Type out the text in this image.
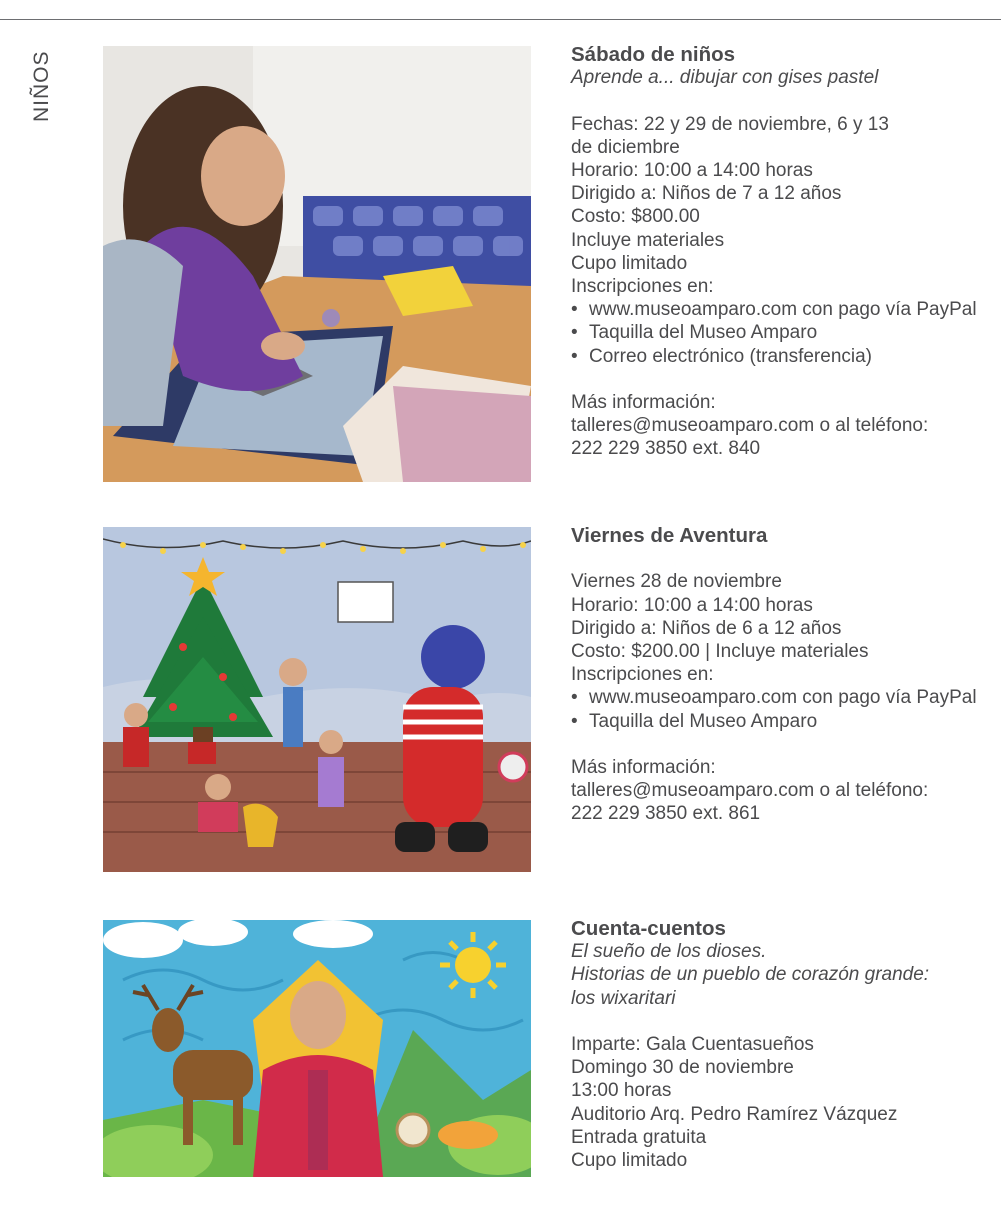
NIÑOS	Sábado de niños
Aprende a... dibujar con gises pastel
Fechas: 22 y 29 de noviembre, 6 y 13
de diciembre
Horario: 10:00 a 14:00 horas
Dirigido a: Niños de 7 a 12 años
Costo: $800.00
Incluye materiales
Cupo limitado
Inscripciones en:
• www.museoamparo.com con pago vía PayPal
• Taquilla del Museo Amparo
• Correo electrónico (transferencia)
Más información:
talleres@museoamparo.com o al teléfono:
222 229 3850 ext. 840
Viernes de Aventura
Viernes 28 de noviembre
Horario: 10:00 a 14:00 horas
Dirigido a: Niños de 6 a 12 años
Costo: $200.00 | Incluye materiales
Inscripciones en:
• www.museoamparo.com con pago vía PayPal
• Taquilla del Museo Amparo
Más información:
talleres@museoamparo.com o al teléfono:
222 229 3850 ext. 861
Cuenta-cuentos
El sueño de los dioses.
Historias de un pueblo de corazón grande:
los wixaritari
Imparte: Gala Cuentasueños
Domingo 30 de noviembre
13:00 horas
Auditorio Arq. Pedro Ramírez Vázquez
Entrada gratuita
Cupo limitado
